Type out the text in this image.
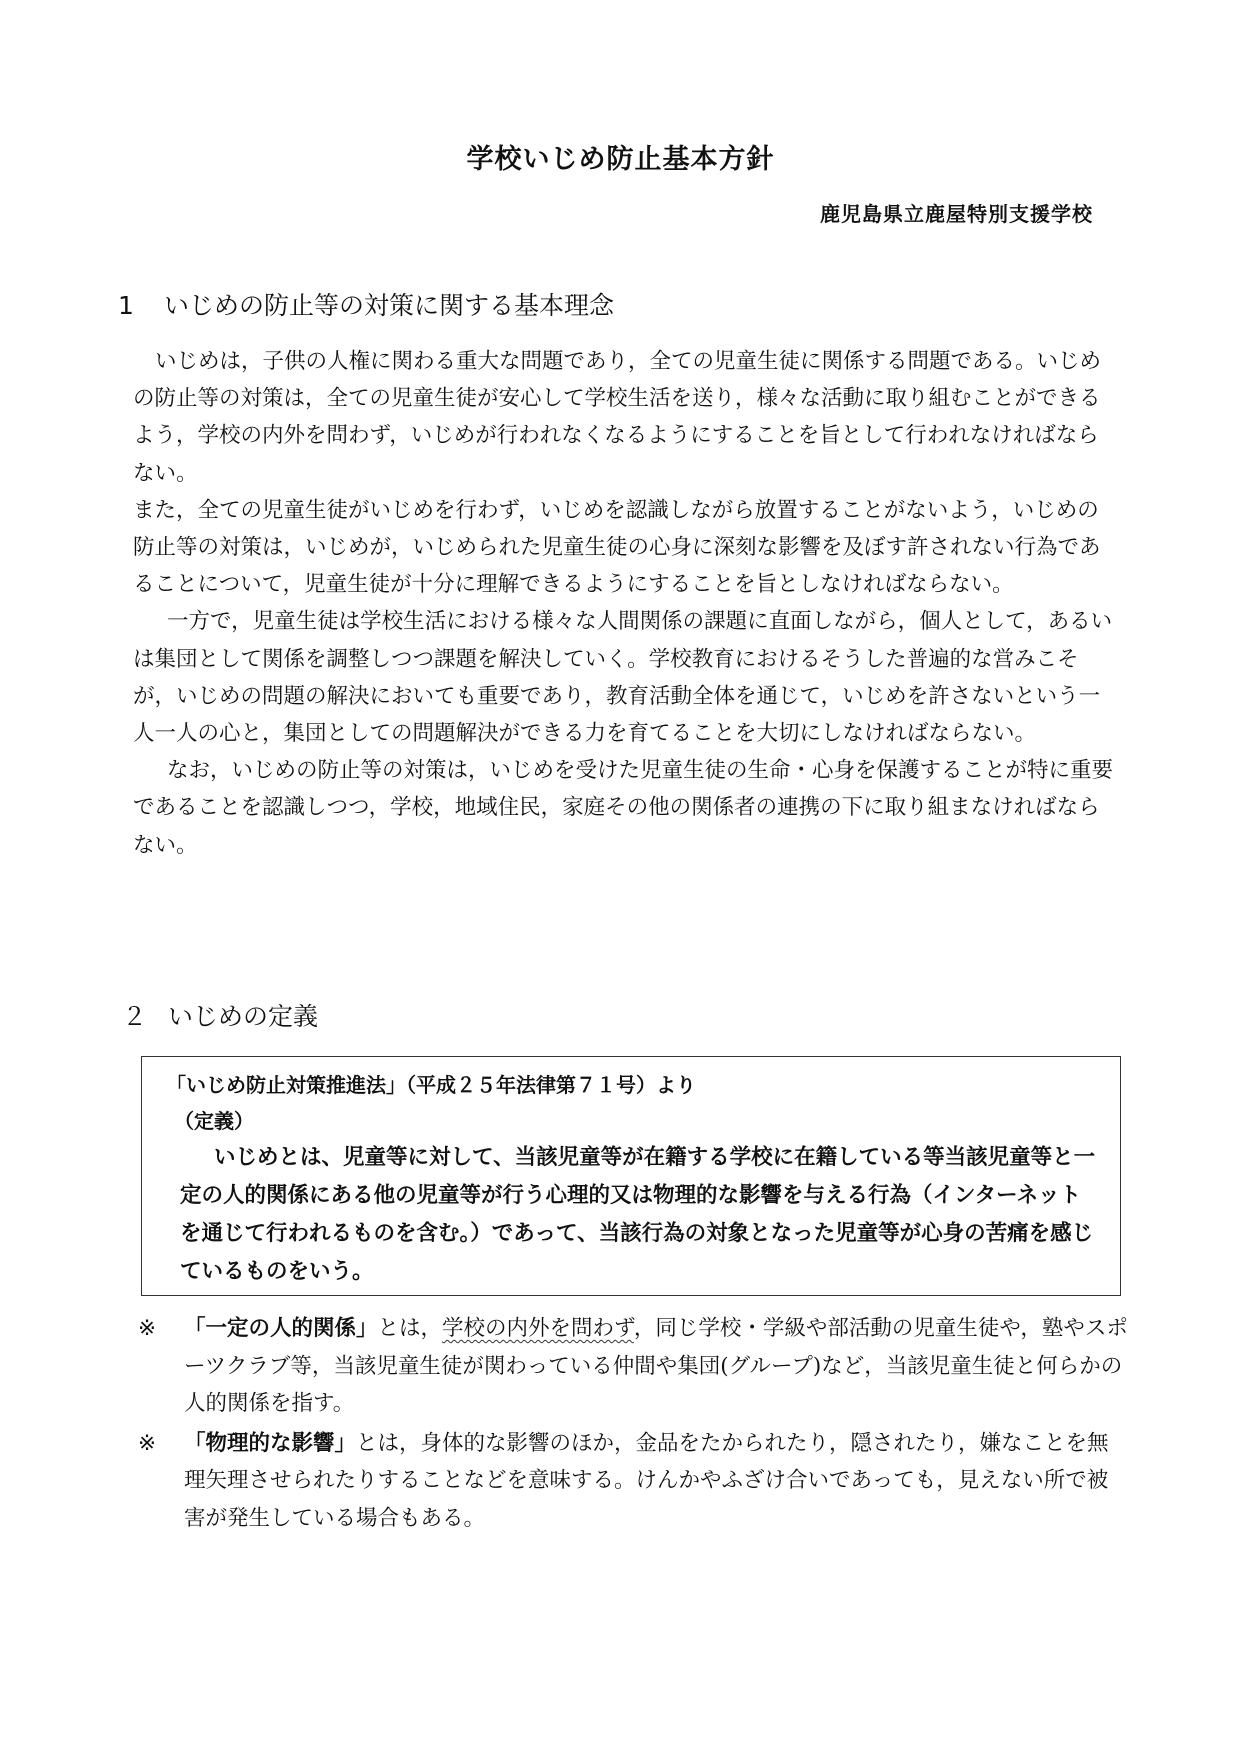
学校いじめ防止基本方針
鹿児島県立鹿屋特別支援学校
1 いじめの防止等の対策に関する基本理念

いじめは，子供の人権に関わる重大な問題であり，全ての児童生徒に関係する問題である。いじめの防止等の対策は，全ての児童生徒が安心して学校生活を送り，様々な活動に取り組むことができるよう，学校の内外を問わず，いじめが行われなくなるようにすることを旨として行われなければならない。

また，全ての児童生徒がいじめを行わず，いじめを認識しながら放置することがないよう，いじめの防止等の対策は，いじめが，いじめられた児童生徒の心身に深刻な影響を及ぼす許されない行為であることについて，児童生徒が十分に理解できるようにすることを旨としなければならない。

一方で，児童生徒は学校生活における様々な人間関係の課題に直面しながら，個人として，あるいは集団として関係を調整しつつ課題を解決していく。学校教育におけるそうした普遍的な営みこそが，いじめの問題の解決においても重要であり，教育活動全体を通じて，いじめを許さないという一人一人の心と，集団としての問題解決ができる力を育てることを大切にしなければならない。

なお，いじめの防止等の対策は，いじめを受けた児童生徒の生命・心身を保護することが特に重要であることを認識しつつ，学校，地域住民，家庭その他の関係者の連携の下に取り組まなければならない。

２ いじめの定義
「いじめ防止対策推進法」（平成２５年法律第７１号）より
（定義）
いじめとは、児童等に対して、当該児童等が在籍する学校に在籍している等当該児童等と一定の人的関係にある他の児童等が行う心理的又は物理的な影響を与える行為（インターネットを通じて行われるものを含む。）であって、当該行為の対象となった児童等が心身の苦痛を感じているものをいう。
※	「一定の人的関係」とは，学校の内外を問わず，同じ学校・学級や部活動の児童生徒や，塾やスポーツクラブ等，当該児童生徒が関わっている仲間や集団(グループ)など，当該児童生徒と何らかの人的関係を指す。
※	「物理的な影響」とは，身体的な影響のほか，金品をたかられたり，隠されたり，嫌なことを無理矢理させられたりすることなどを意味する。けんかやふざけ合いであっても，見えない所で被害が発生している場合もある。
